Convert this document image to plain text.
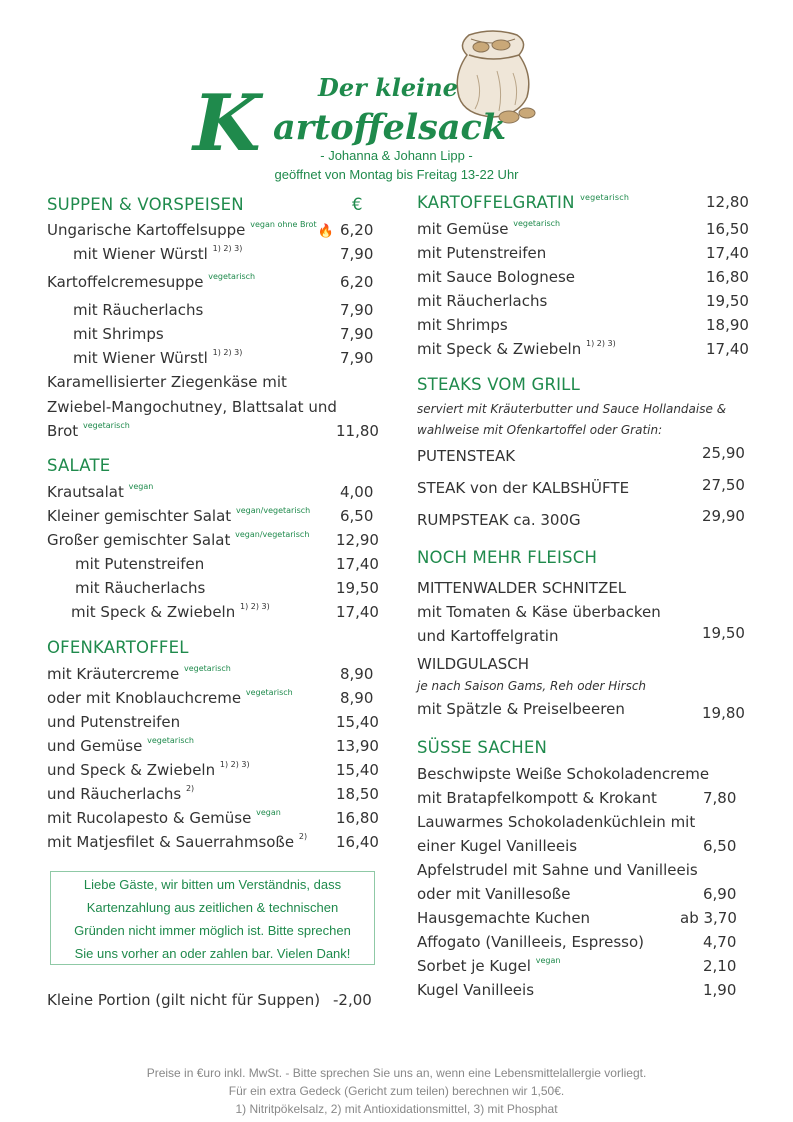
Der kleine
K artoffelsack
- Johanna & Johann Lipp -
geöffnet von Montag bis Freitag 13-22 Uhr
SUPPEN & VORSPEISEN	€
Ungarische Kartoffelsuppe $^{vegan ohne Brot}$🔥 6,20
mit Wiener Würstl $^{1) 2) 3)}$	7,90
Kartoffelcremesuppe $^{vegetarisch}$	6,20
mit Räucherlachs	7,90
mit Shrimps	7,90
mit Wiener Würstl $^{1) 2) 3)}$	7,90
Karamellisierter Ziegenkäse mit
Zwiebel-Mangochutney, Blattsalat und
Brot $^{vegetarisch}$	11,80
SALATE
Krautsalat $^{vegan}$	4,00
Kleiner gemischter Salat $^{vegan/vegetarisch}$ 6,50
Großer gemischter Salat $^{vegan/vegetarisch}$ 12,90
mit Putenstreifen	17,40
mit Räucherlachs	19,50
mit Speck & Zwiebeln $^{1) 2) 3)}$	17,40
OFENKARTOFFEL
mit Kräutercreme $^{vegetarisch}$	8,90
oder mit Knoblauchcreme $^{vegetarisch}$	8,90
und Putenstreifen	15,40
und Gemüse $^{vegetarisch}$	13,90
und Speck & Zwiebeln $^{1) 2) 3)}$	15,40
und Räucherlachs $^{2)}$	18,50
mit Rucolapesto & Gemüse $^{vegan}$	16,80
mit Matjesfilet & Sauerrahmsoße $^{2)}$ 16,40
Kleine Portion (gilt nicht für Suppen) -2,00
Liebe Gäste, wir bitten um Verständnis, dass
Kartenzahlung aus zeitlichen & technischen
Gründen nicht immer möglich ist. Bitte sprechen
Sie uns vorher an oder zahlen bar. Vielen Dank!
KARTOFFELGRATIN $^{vegetarisch}$	12,80
mit Gemüse $^{vegetarisch}$	16,50
mit Putenstreifen	17,40
mit Sauce Bolognese	16,80
mit Räucherlachs	19,50
mit Shrimps	18,90
mit Speck & Zwiebeln $^{1) 2) 3)}$	17,40
STEAKS VOM GRILL
serviert mit Kräuterbutter und Sauce Hollandaise &
wahlweise mit Ofenkartoffel oder Gratin:
PUTENSTEAK	25,90
STEAK von der KALBSHÜFTE	27,50
RUMPSTEAK ca. 300G	29,90
NOCH MEHR FLEISCH
MITTENWALDER SCHNITZEL
mit Tomaten & Käse überbacken
und Kartoffelgratin	19,50
WILDGULASCH
je nach Saison Gams, Reh oder Hirsch
mit Spätzle & Preiselbeeren	19,80
SÜSSE SACHEN
Beschwipste Weiße Schokoladencreme
mit Bratapfelkompott & Krokant	7,80
Lauwarmes Schokoladenküchlein mit
einer Kugel Vanilleeis	6,50
Apfelstrudel mit Sahne und Vanilleeis
oder mit Vanillesoße	6,90
Hausgemachte Kuchen	ab 3,70
Affogato (Vanilleeis, Espresso)	4,70
Sorbet je Kugel $^{vegan}$	2,10
Kugel Vanilleeis	1,90
Preise in €uro inkl. MwSt. - Bitte sprechen Sie uns an, wenn eine Lebensmittelallergie vorliegt.
Für ein extra Gedeck (Gericht zum teilen) berechnen wir 1,50€.
1) Nitritpökelsalz, 2) mit Antioxidationsmittel, 3) mit Phosphat
